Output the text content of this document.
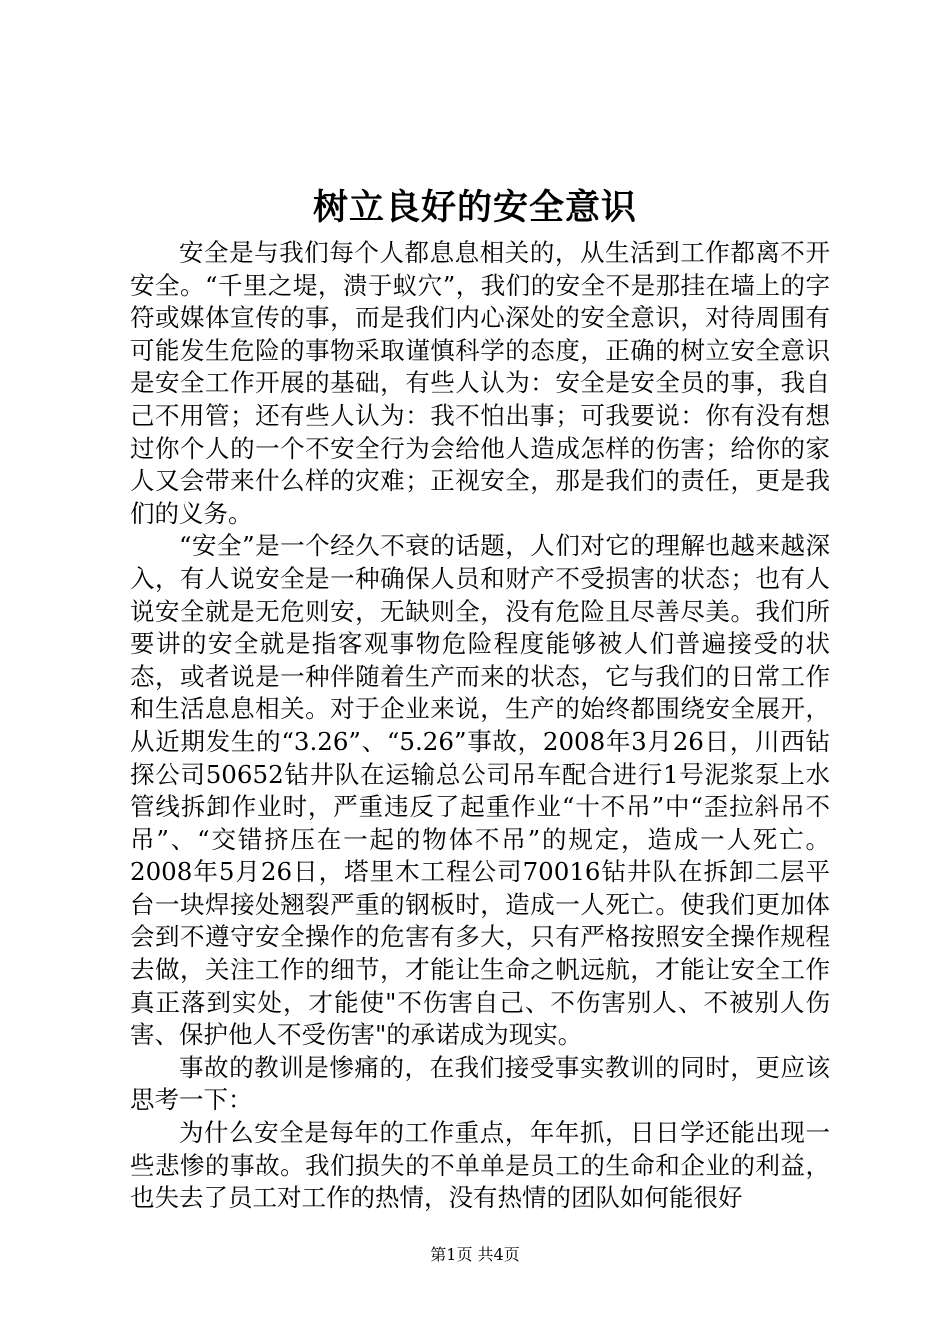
树立良好的安全意识

安全是与我们每个人都息息相关的，从生活到工作都离不开安全。“千里之堤，溃于蚁穴”，我们的安全不是那挂在墙上的字符或媒体宣传的事，而是我们内心深处的安全意识，对待周围有可能发生危险的事物采取谨慎科学的态度，正确的树立安全意识是安全工作开展的基础，有些人认为：安全是安全员的事，我自己不用管；还有些人认为：我不怕出事；可我要说：你有没有想过你个人的一个不安全行为会给他人造成怎样的伤害；给你的家人又会带来什么样的灾难；正视安全，那是我们的责任，更是我们的义务。

“安全”是一个经久不衰的话题，人们对它的理解也越来越深入，有人说安全是一种确保人员和财产不受损害的状态；也有人说安全就是无危则安，无缺则全，没有危险且尽善尽美。我们所要讲的安全就是指客观事物危险程度能够被人们普遍接受的状态，或者说是一种伴随着生产而来的状态，它与我们的日常工作和生活息息相关。对于企业来说，生产的始终都围绕安全展开，从近期发生的“3.26”、“5.26”事故，2008年3月26日，川西钻探公司50652钻井队在运输总公司吊车配合进行1号泥浆泵上水管线拆卸作业时，严重违反了起重作业“十不吊”中“歪拉斜吊不吊”、“交错挤压在一起的物体不吊”的规定，造成一人死亡。2008年5月26日，塔里木工程公司70016钻井队在拆卸二层平台一块焊接处翘裂严重的钢板时，造成一人死亡。使我们更加体会到不遵守安全操作的危害有多大，只有严格按照安全操作规程去做，关注工作的细节，才能让生命之帆远航，才能让安全工作真正落到实处，才能使"不伤害自己、不伤害别人、不被别人伤害、保护他人不受伤害"的承诺成为现实。

事故的教训是惨痛的，在我们接受事实教训的同时，更应该思考一下：

为什么安全是每年的工作重点，年年抓，日日学还能出现一些悲惨的事故。我们损失的不单单是员工的生命和企业的利益，也失去了员工对工作的热情，没有热情的团队如何能很好

第1页 共4页
